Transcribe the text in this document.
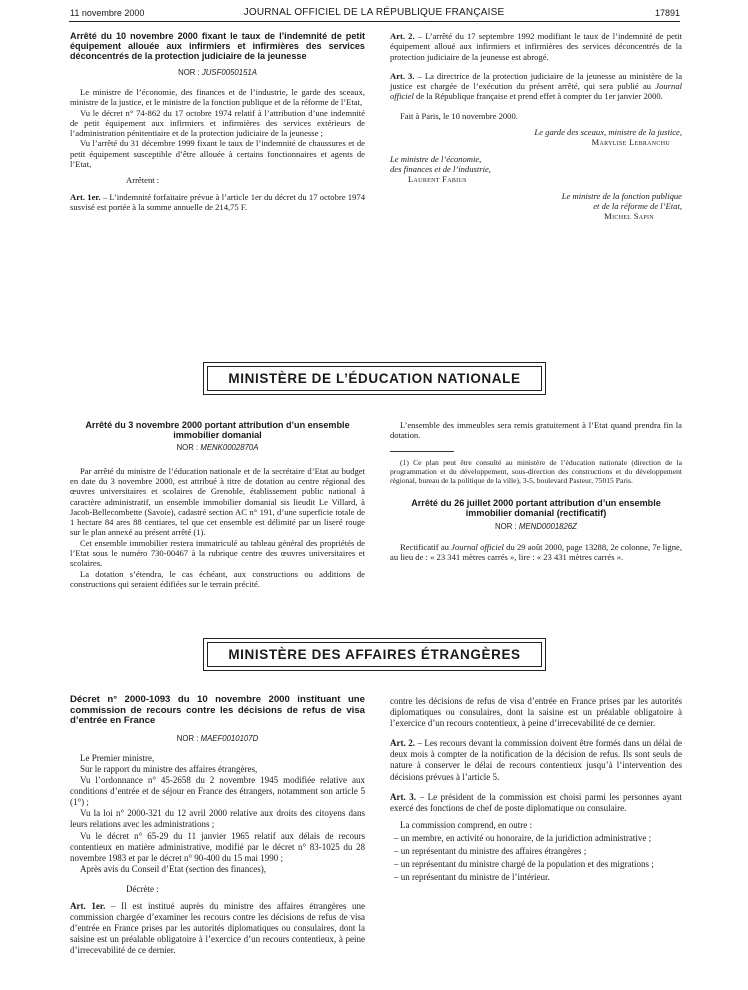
11 novembre 2000	JOURNAL OFFICIEL DE LA RÉPUBLIQUE FRANÇAISE	17891
Arrêté du 10 novembre 2000 fixant le taux de l’indemnité de petit équipement allouée aux infirmiers et infirmières des services déconcentrés de la protection judiciaire de la jeunesse
NOR : JUSF0050151A

Le ministre de l’économie, des finances et de l’industrie, le garde des sceaux, ministre de la justice, et le ministre de la fonction publique et de la réforme de l’Etat,

Vu le décret n° 74-862 du 17 octobre 1974 relatif à l’attribution d’une indemnité de petit équipement aux infirmiers et infirmières des services extérieurs de l’administration pénitentiaire et de la protection judiciaire de la jeunesse ;

Vu l’arrêté du 31 décembre 1999 fixant le taux de l’indemnité de chaussures et de petit équipement susceptible d’être allouée à certains fonctionnaires et agents de l’Etat,

Arrêtent :

Art. 1er. – L’indemnité forfaitaire prévue à l’article 1er du décret du 17 octobre 1974 susvisé est portée à la somme annuelle de 214,75 F.

Art. 2. – L’arrêté du 17 septembre 1992 modifiant le taux de l’indemnité de petit équipement alloué aux infirmiers et infirmières des services déconcentrés de la protection judiciaire de la jeunesse est abrogé.

Art. 3. – La directrice de la protection judiciaire de la jeunesse au ministère de la justice est chargée de l’exécution du présent arrêté, qui sera publié au Journal officiel de la République française et prend effet à compter du 1er janvier 2000.

Fait à Paris, le 10 novembre 2000.

Le garde des sceaux, ministre de la justice,

Marylise Lebranchu

Le ministre de l’économie,
des finances et de l’industrie,

Laurent Fabius

Le ministre de la fonction publique
et de la réforme de l’Etat,

Michel Sapin

MINISTÈRE DE L’ÉDUCATION NATIONALE
Arrêté du 3 novembre 2000 portant attribution d’un ensemble immobilier domanial
NOR : MENK0002870A

Par arrêté du ministre de l’éducation nationale et de la secrétaire d’Etat au budget en date du 3 novembre 2000, est attribué à titre de dotation au centre régional des œuvres universitaires et scolaires de Grenoble, établissement public national à caractère administratif, un ensemble immobilier domanial sis lieudit Le Villard, à Jacob-Bellecombette (Savoie), cadastré section AC n° 191, d’une superficie totale de 1 hectare 84 ares 88 centiares, tel que cet ensemble est délimité par un liseré rouge sur le plan annexé au présent arrêté (1).

Cet ensemble immobilier restera immatriculé au tableau général des propriétés de l’Etat sous le numéro 730-00467 à la rubrique centre des œuvres universitaires et scolaires.

La dotation s’étendra, le cas échéant, aux constructions ou additions de constructions qui seraient édifiées sur le terrain précité.

L’ensemble des immeubles sera remis gratuitement à l’Etat quand prendra fin la dotation.

(1) Ce plan peut être consulté au ministère de l’éducation nationale (direction de la programmation et du développement, sous-direction des constructions et du développement régional, bureau de la politique de la ville), 3-5, boulevard Pasteur, 75015 Paris.

Arrêté du 26 juillet 2000 portant attribution d’un ensemble immobilier domanial (rectificatif)
NOR : MEND0001826Z

Rectificatif au Journal officiel du 29 août 2000, page 13288, 2e colonne, 7e ligne, au lieu de : « 23 341 mètres carrés », lire : « 23 431 mètres carrés ».

MINISTÈRE DES AFFAIRES ÉTRANGÈRES
Décret n° 2000-1093 du 10 novembre 2000 instituant une commission de recours contre les décisions de refus de visa d’entrée en France
NOR : MAEF0010107D

Le Premier ministre,

Sur le rapport du ministre des affaires étrangères,

Vu l’ordonnance n° 45-2658 du 2 novembre 1945 modifiée relative aux conditions d’entrée et de séjour en France des étrangers, notamment son article 5 (1°) ;

Vu la loi n° 2000-321 du 12 avril 2000 relative aux droits des citoyens dans leurs relations avec les administrations ;

Vu le décret n° 65-29 du 11 janvier 1965 relatif aux délais de recours contentieux en matière administrative, modifié par le décret n° 83-1025 du 28 novembre 1983 et par le décret n° 90-400 du 15 mai 1990 ;

Après avis du Conseil d’Etat (section des finances),

Décrète :

Art. 1er. – Il est institué auprès du ministre des affaires étrangères une commission chargée d’examiner les recours contre les décisions de refus de visa d’entrée en France prises par les autorités diplomatiques ou consulaires, dont la saisine est un préalable obligatoire à l’exercice d’un recours contentieux, à peine d’irrecevabilité de ce dernier.

contre les décisions de refus de visa d’entrée en France prises par les autorités diplomatiques ou consulaires, dont la saisine est un préalable obligatoire à l’exercice d’un recours contentieux, à peine d’irrecevabilité de ce dernier.

Art. 2. – Les recours devant la commission doivent être formés dans un délai de deux mois à compter de la notification de la décision de refus. Ils sont seuls de nature à conserver le délai de recours contentieux jusqu’à l’intervention des décisions prévues à l’article 5.

Art. 3. – Le président de la commission est choisi parmi les personnes ayant exercé des fonctions de chef de poste diplomatique ou consulaire.

La commission comprend, en outre :

– un membre, en activité ou honoraire, de la juridiction administrative ;
– un représentant du ministre des affaires étrangères ;
– un représentant du ministre chargé de la population et des migrations ;
– un représentant du ministre de l’intérieur.
